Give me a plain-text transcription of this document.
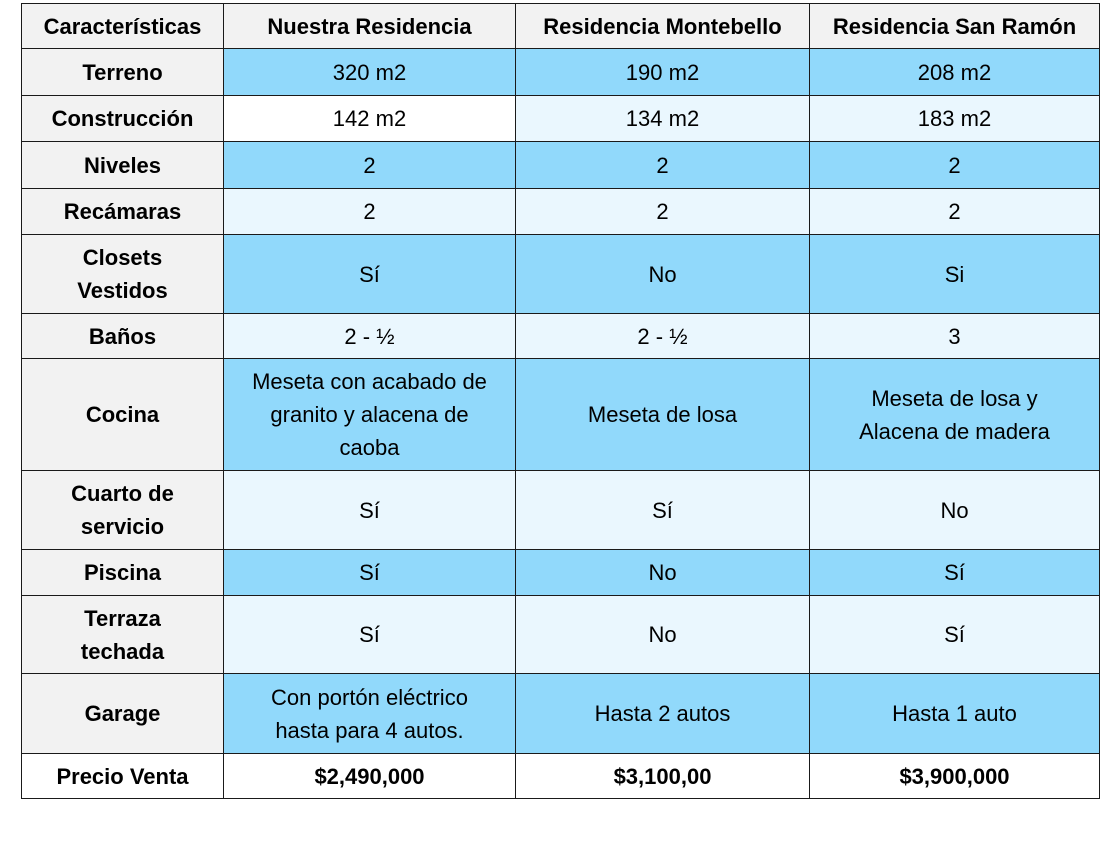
Características	Nuestra Residencia	Residencia Montebello	Residencia San Ramón
Terreno	320 m2	190 m2	208 m2
Construcción	142 m2	134 m2	183 m2
Niveles	2	2	2
Recámaras	2	2	2
Closets Vestidos	Sí	No	Si
Baños	2 - ½	2 - ½	3
Cocina	Meseta con acabado de granito y alacena de caoba	Meseta de losa	Meseta de losa y Alacena de madera
Cuarto de servicio	Sí	Sí	No
Piscina	Sí	No	Sí
Terraza techada	Sí	No	Sí
Garage	Con portón eléctrico hasta para 4 autos.	Hasta 2 autos	Hasta 1 auto
Precio Venta	$2,490,000	$3,100,00	$3,900,000
